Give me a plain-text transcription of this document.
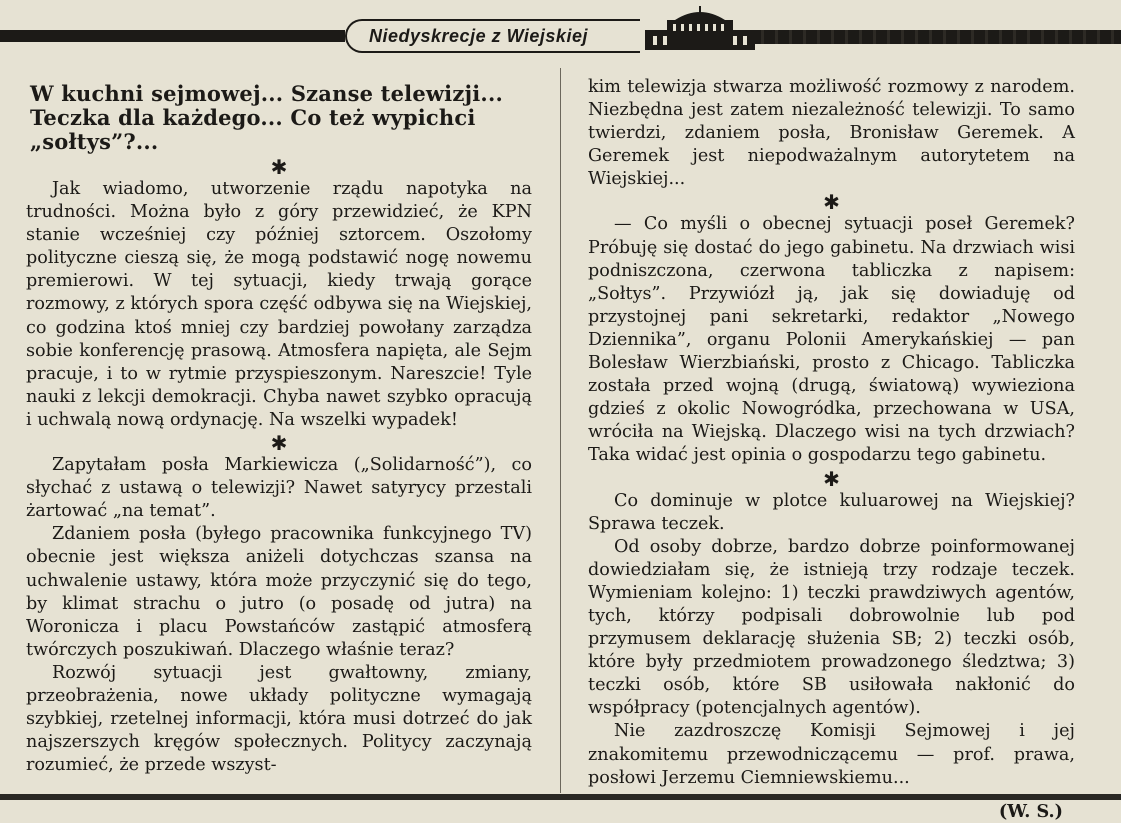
Niedyskrecje z Wiejskiej
W kuchni sejmowej... Szanse telewizji... Teczka dla każdego... Co też wypichci „sołtys”?...
✱

Jak wiadomo, utworzenie rządu napotyka na trudności. Można było z góry przewidzieć, że KPN stanie wcześniej czy później sztorcem. Oszołomy polityczne cieszą się, że mogą podstawić nogę nowemu premierowi. W tej sytuacji, kiedy trwają gorące rozmowy, z których spora część odbywa się na Wiejskiej, co godzina ktoś mniej czy bardziej powołany zarządza sobie konferencję prasową. Atmosfera napięta, ale Sejm pracuje, i to w rytmie przyspieszonym. Nareszcie! Tyle nauki z lekcji demokracji. Chyba nawet szybko opracują i uchwalą nową ordynację. Na wszelki wypadek!

✱

Zapytałam posła Markiewicza („Solidarność”), co słychać z ustawą o telewizji? Nawet satyrycy przestali żartować „na temat”.

Zdaniem posła (byłego pracownika funkcyjnego TV) obecnie jest większa aniżeli dotychczas szansa na uchwalenie ustawy, która może przyczynić się do tego, by klimat strachu o jutro (o posadę od jutra) na Woronicza i placu Powstańców zastąpić atmosferą twórczych poszukiwań. Dlaczego właśnie teraz?

Rozwój sytuacji jest gwałtowny, zmiany, przeobrażenia, nowe układy polityczne wymagają szybkiej, rzetelnej informacji, która musi dotrzeć do jak najszerszych kręgów społecznych. Politycy zaczynają rozumieć, że przede wszyst-

kim telewizja stwarza możliwość rozmowy z narodem. Niezbędna jest zatem niezależność telewizji. To samo twierdzi, zdaniem posła, Bronisław Geremek. A Geremek jest niepodważalnym autorytetem na Wiejskiej...

✱

— Co myśli o obecnej sytuacji poseł Geremek? Próbuję się dostać do jego gabinetu. Na drzwiach wisi podniszczona, czerwona tabliczka z napisem: „Sołtys”. Przywiózł ją, jak się dowiaduję od przystojnej pani sekretarki, redaktor „Nowego Dziennika”, organu Polonii Amerykańskiej — pan Bolesław Wierzbiański, prosto z Chicago. Tabliczka została przed wojną (drugą, światową) wywieziona gdzieś z okolic Nowogródka, przechowana w USA, wróciła na Wiejską. Dlaczego wisi na tych drzwiach? Taka widać jest opinia o gospodarzu tego gabinetu.

✱

Co dominuje w plotce kuluarowej na Wiejskiej? Sprawa teczek.

Od osoby dobrze, bardzo dobrze poinformowanej dowiedziałam się, że istnieją trzy rodzaje teczek. Wymieniam kolejno: 1) teczki prawdziwych agentów, tych, którzy podpisali dobrowolnie lub pod przymusem deklarację służenia SB; 2) teczki osób, które były przedmiotem prowadzonego śledztwa; 3) teczki osób, które SB usiłowała nakłonić do współpracy (potencjalnych agentów).

Nie zazdroszczę Komisji Sejmowej i jej znakomitemu przewodniczącemu — prof. prawa, posłowi Jerzemu Ciemniewskiemu...

(W. S.)
